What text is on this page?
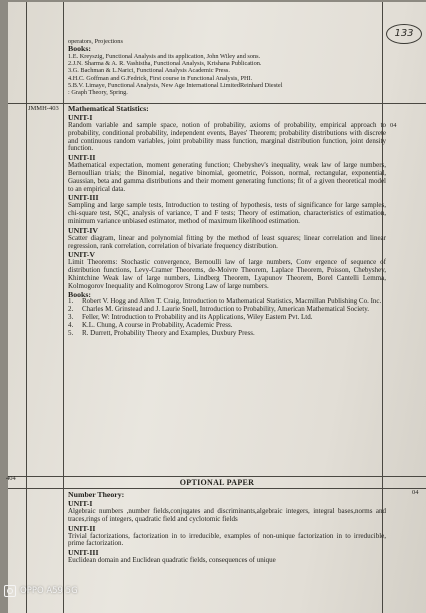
133

operators, Projections

Books:

1.E. Kreyszig, Functional Analysis and its application, John Wiley and sons.

2.J.N. Sharma & A. R. Vashistha, Functional Analysis, Krishana Publication.

3.G. Bachman & L.Narici, Functional Analysis Academic Press.

4.H.C. Goffman and G.Fedrick, First course in Functional Analysis, PHI.

5.B.V. Limaye, Functional Analysis, New Age International LimitedReinhard Diestel

: Graph Theory, Spring.

JMMH-403
04

Mathematical Statistics:

UNIT-I

Random variable and sample space, notion of probability, axioms of probability, empirical approach to probability, conditional probability, independent events, Bayes' Theorem; probability distributions with discrete and continuous random variables, joint probability mass function, marginal distribution function, joint density function.

UNIT-II

Mathematical expectation, moment generating function; Chebyshev's inequality, weak law of large numbers, Bernoullian trials; the Binomial, negative binomial, geometric, Poisson, normal, rectangular, exponential, Gaussian, beta and gamma distributions and their moment generating functions; fit of a given theoretical model to an empirical data.

UNIT-III

Sampling and large sample tests, Introduction to testing of hypothesis, tests of significance for large samples, chi-square test, SQC, analysis of variance, T and F tests; Theory of estimation, characteristics of estimation, minimum variance unbiased estimator, method of maximum likelihood estimation.

UNIT-IV

Scatter diagram, linear and polynomial fitting by the method of least squares; linear correlation and linear regression, rank correlation, correlation of bivariate frequency distribution.

UNIT-V

Limit Theorems: Stochastic convergence, Bernoulli law of large numbers, Conv ergence of sequence of distribution functions, Levy-Cramer Theorems, de-Moivre Theorem, Laplace Theorem, Poisson, Chebyshev, Khintchine Weak law of large numbers, Lindberg Theorem, Lyapunov Theorem, Borel Cantelli Lemma, Kolmogorov Inequality and Kolmogorov Strong Law of large numbers.

Books:

1.	Robert V. Hogg and Allen T. Craig, Introduction to Mathematical Statistics, Macmillan Publishing Co. Inc.
2.	Charles M. Grinstead and J. Laurie Snell, Introduction to Probability, American Mathematical Society.
3.	Feller, W: Introduction to Probability and its Applications, Wiley Eastern Pvt. Ltd.
4.	K.L. Chung, A course in Probability, Academic Press.
5.	R. Durrett, Probability Theory and Examples, Duxbury Press.
OPTIONAL PAPER
404
04

Number Theory:

UNIT-I

Algebraic numbers ,number fields,conjugates and discriminants,algebraic integers, integral bases,norms and traces,rings of integers, quadratic field and cyclotomic fields

UNIT-II

Trivial factorizations, factorization in to irreducible, examples of non-unique factorization in to irreducible, prime factorization.

UNIT-III

Euclidean domain and Euclidean quadratic fields, consequences of unique

OPPO A59 5G
